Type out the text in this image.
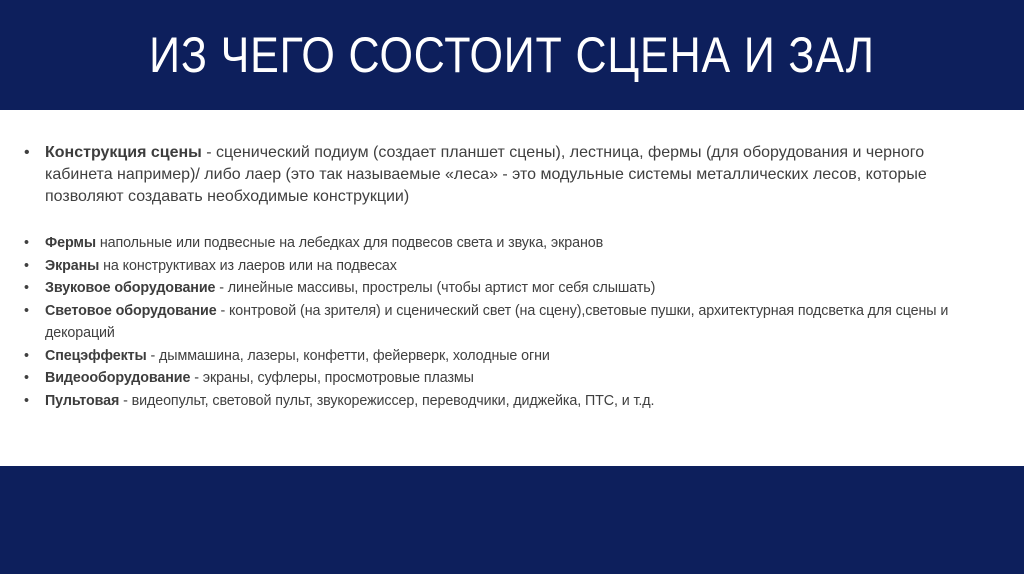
ИЗ ЧЕГО СОСТОИТ СЦЕНА И ЗАЛ
• Конструкция сцены - сценический подиум (создает планшет сцены), лестница, фермы (для оборудования и черного кабинета например)/ либо лаер (это так называемые «леса» - это модульные системы металлических лесов, которые позволяют создавать необходимые конструкции)
• Фермы напольные или подвесные на лебедках для подвесов света и звука, экранов
• Экраны на конструктивах из лаеров или на подвесах
• Звуковое оборудование - линейные массивы, прострелы (чтобы артист мог себя слышать)
• Световое оборудование - контровой (на зрителя) и сценический свет (на сцену),световые пушки, архитектурная подсветка для сцены и декораций
• Спецэффекты - дыммашина, лазеры, конфетти, фейерверк, холодные огни
• Видеооборудование - экраны, суфлеры, просмотровые плазмы
• Пультовая - видеопульт, световой пульт, звукорежиссер, переводчики, диджейка, ПТС, и т.д.
